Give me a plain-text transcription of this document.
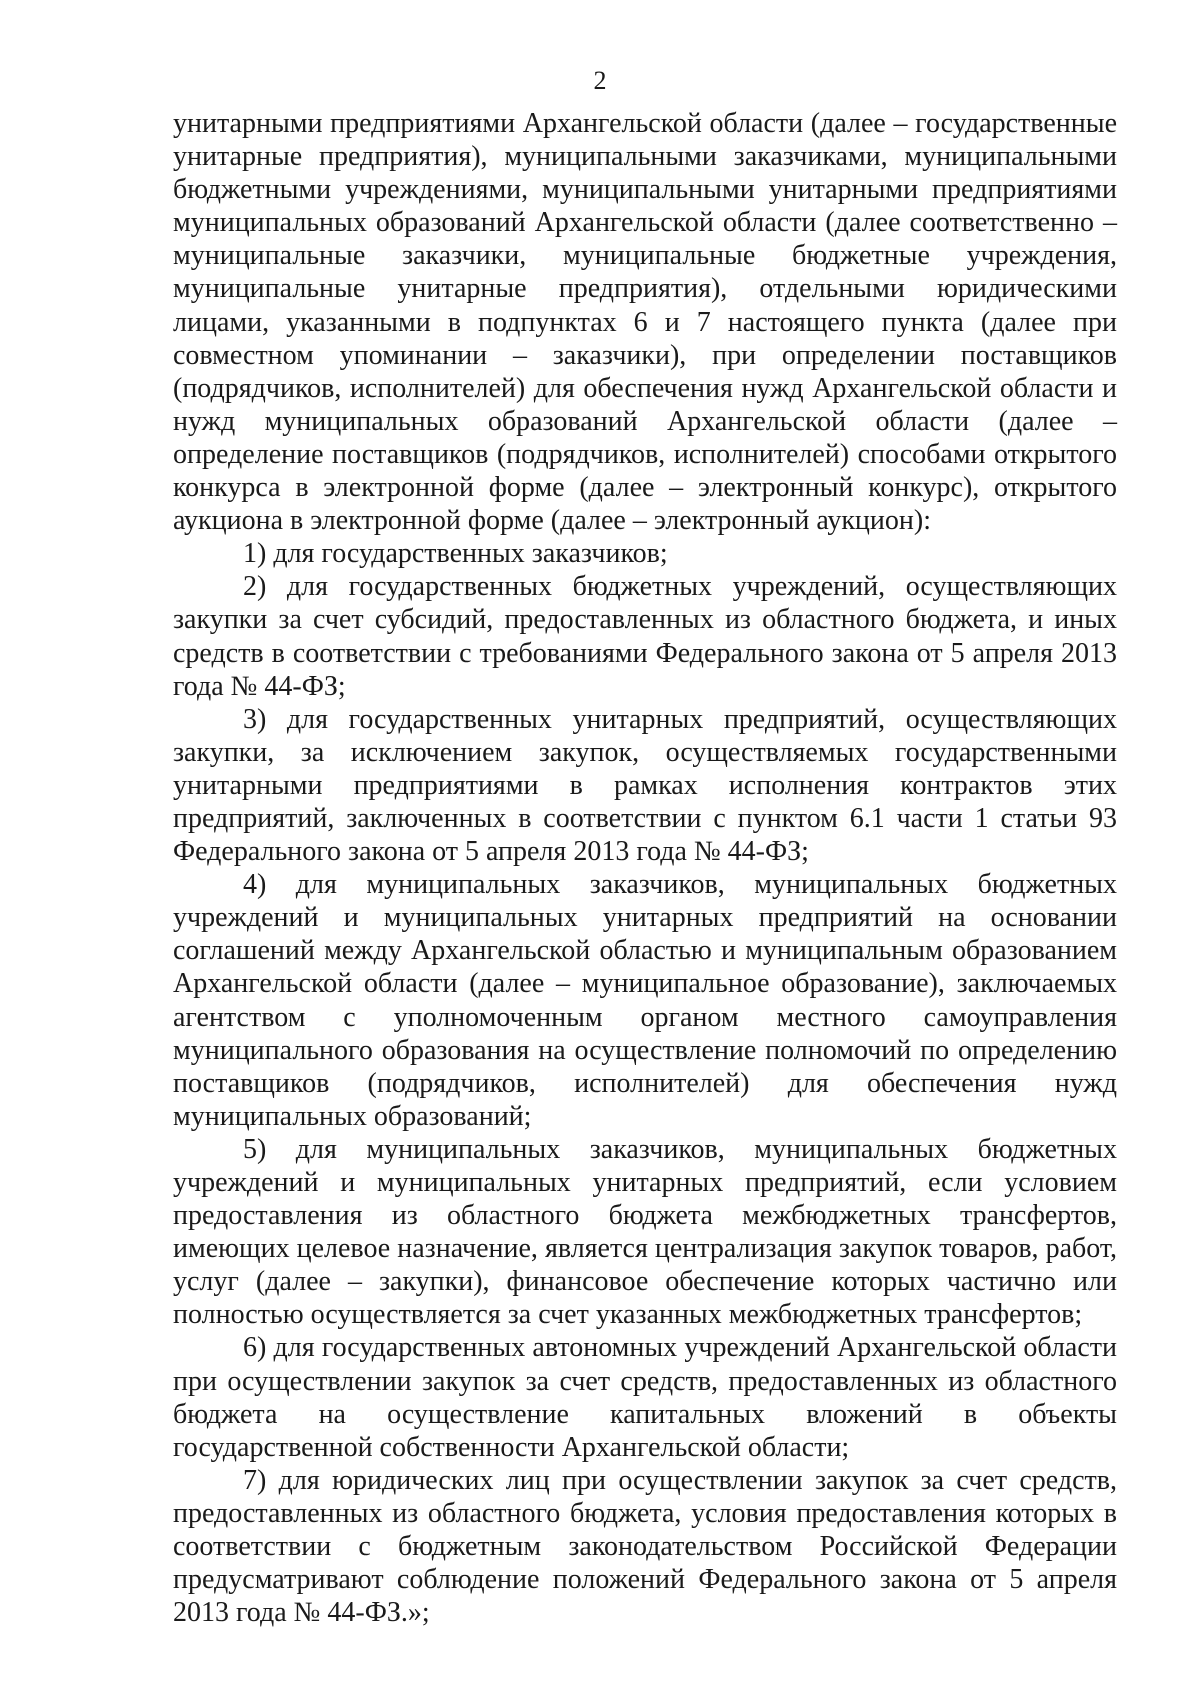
2

унитарными предприятиями Архангельской области (далее – государственные унитарные предприятия), муниципальными заказчиками, муниципальными бюджетными учреждениями, муниципальными унитарными предприятиями муниципальных образований Архангельской области (далее соответственно – муниципальные заказчики, муниципальные бюджетные учреждения, муниципальные унитарные предприятия), отдельными юридическими лицами, указанными в подпунктах 6 и 7 настоящего пункта (далее при совместном упоминании – заказчики), при определении поставщиков (подрядчиков, исполнителей) для обеспечения нужд Архангельской области и нужд муниципальных образований Архангельской области (далее – определение поставщиков (подрядчиков, исполнителей) способами открытого конкурса в электронной форме (далее – электронный конкурс), открытого аукциона в электронной форме (далее – электронный аукцион):

1) для государственных заказчиков;

2) для государственных бюджетных учреждений, осуществляющих закупки за счет субсидий, предоставленных из областного бюджета, и иных средств в соответствии с требованиями Федерального закона от 5 апреля 2013 года № 44-ФЗ;

3) для государственных унитарных предприятий, осуществляющих закупки, за исключением закупок, осуществляемых государственными унитарными предприятиями в рамках исполнения контрактов этих предприятий, заключенных в соответствии с пунктом 6.1 части 1 статьи 93 Федерального закона от 5 апреля 2013 года № 44-ФЗ;

4) для муниципальных заказчиков, муниципальных бюджетных учреждений и муниципальных унитарных предприятий на основании соглашений между Архангельской областью и муниципальным образованием Архангельской области (далее – муниципальное образование), заключаемых агентством с уполномоченным органом местного самоуправления муниципального образования на осуществление полномочий по определению поставщиков (подрядчиков, исполнителей) для обеспечения нужд муниципальных образований;

5) для муниципальных заказчиков, муниципальных бюджетных учреждений и муниципальных унитарных предприятий, если условием предоставления из областного бюджета межбюджетных трансфертов, имеющих целевое назначение, является централизация закупок товаров, работ, услуг (далее – закупки), финансовое обеспечение которых частично или полностью осуществляется за счет указанных межбюджетных трансфертов;

6) для государственных автономных учреждений Архангельской области при осуществлении закупок за счет средств, предоставленных из областного бюджета на осуществление капитальных вложений в объекты государственной собственности Архангельской области;

7) для юридических лиц при осуществлении закупок за счет средств, предоставленных из областного бюджета, условия предоставления которых в соответствии с бюджетным законодательством Российской Федерации предусматривают соблюдение положений Федерального закона от 5 апреля 2013 года № 44-ФЗ.»;
